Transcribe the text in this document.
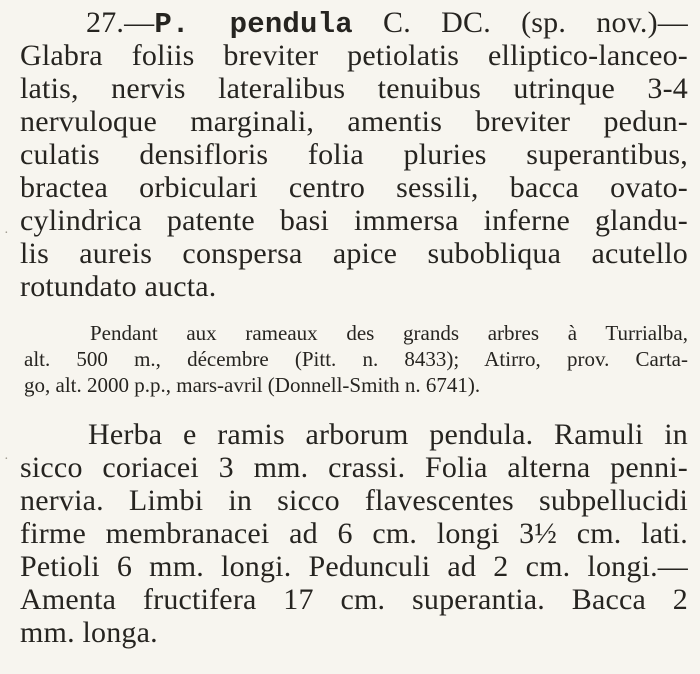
27.—P. pendula C. DC. (sp. nov.)—
Glabra foliis breviter petiolatis elliptico-lanceo-
latis, nervis lateralibus tenuibus utrinque 3-4
nervuloque marginali, amentis breviter pedun-
culatis densifloris folia pluries superantibus,
bractea orbiculari centro sessili, bacca ovato-
cylindrica patente basi immersa inferne glandu-
lis aureis conspersa apice subobliqua acutello
rotundato aucta.
Pendant aux rameaux des grands arbres à Turrialba,
alt. 500 m., décembre (Pitt. n. 8433); Atirro, prov. Carta-
go, alt. 2000 p.p., mars-avril (Donnell-Smith n. 6741).
Herba e ramis arborum pendula. Ramuli in
sicco coriacei 3 mm. crassi. Folia alterna penni-
nervia. Limbi in sicco flavescentes subpellucidi
firme membranacei ad 6 cm. longi 3½ cm. lati.
Petioli 6 mm. longi. Pedunculi ad 2 cm. longi.—
Amenta fructifera 17 cm. superantia. Bacca 2
mm. longa.
·
·
